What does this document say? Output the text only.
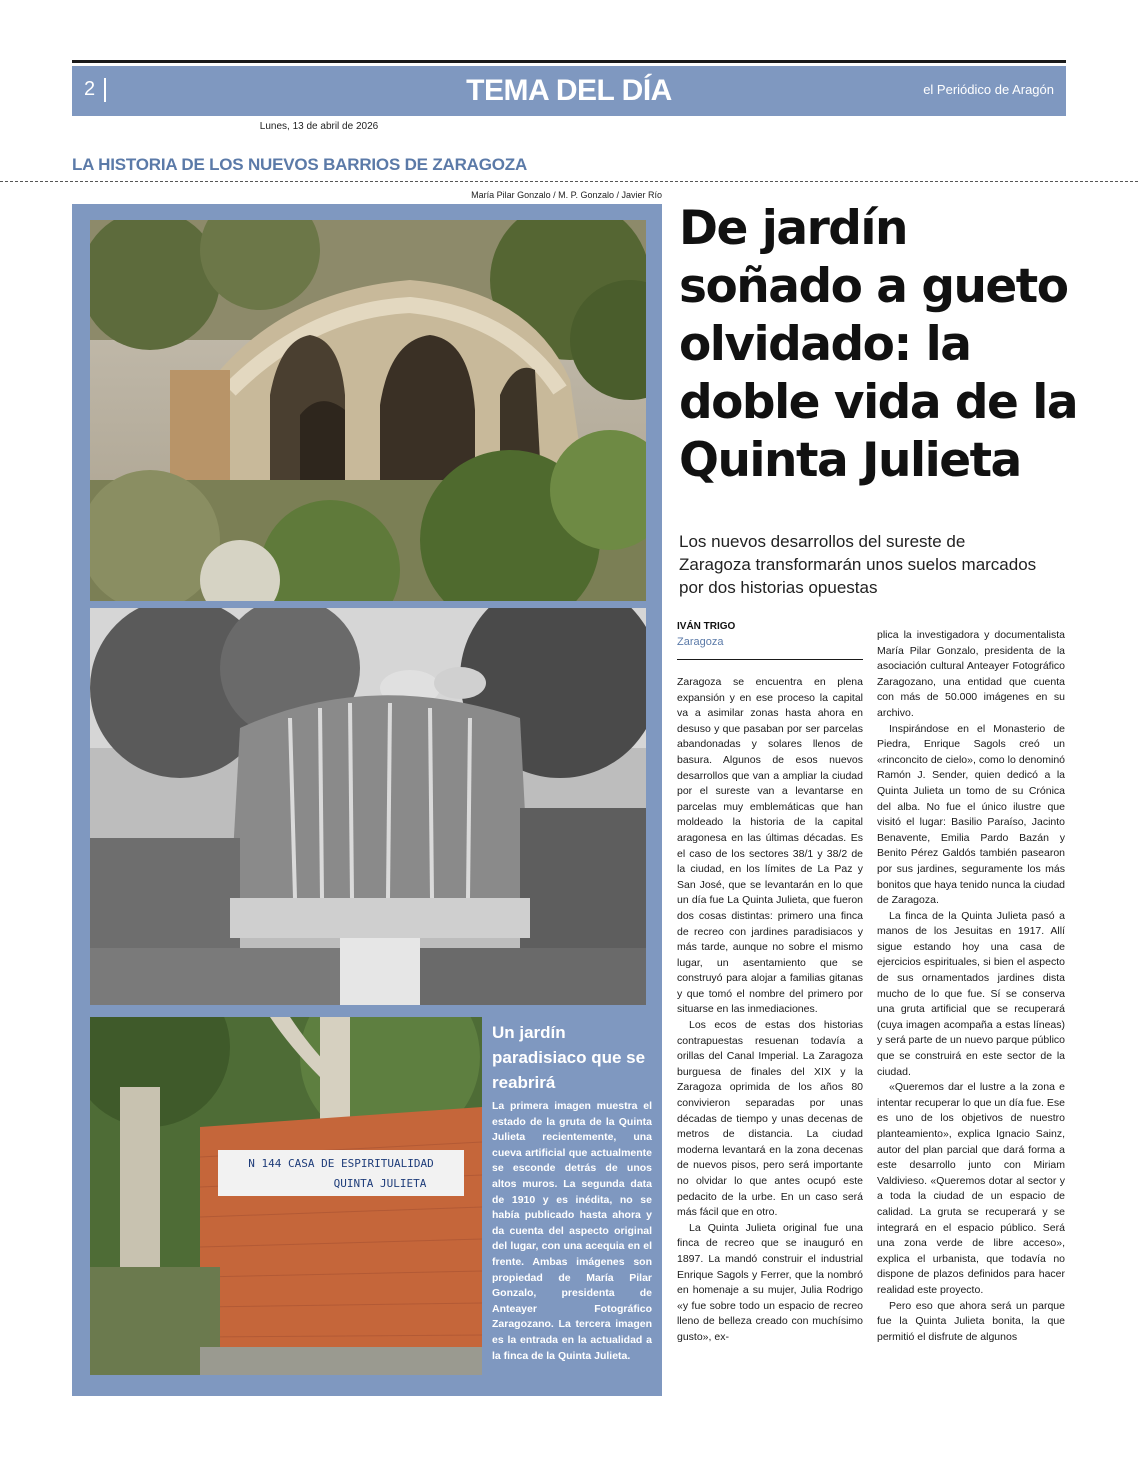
2	TEMA DEL DÍA	el Periódico de Aragón
Lunes, 13 de abril de 2026
LA HISTORIA DE LOS NUEVOS BARRIOS DE ZARAGOZA
María Pilar Gonzalo / M. P. Gonzalo / Javier Río
N 144 CASA DE ESPIRITUALIDAD
QUINTA JULIETA
Un jardín paradisiaco que se reabrirá
La primera imagen muestra el estado de la gruta de la Quinta Julieta recientemente, una cueva artificial que actualmente se esconde detrás de unos altos muros. La segunda data de 1910 y es inédita, no se había publicado hasta ahora y da cuenta del aspecto original del lugar, con una acequia en el frente. Ambas imágenes son propiedad de María Pilar Gonzalo, presidenta de Anteayer Fotográfico Zaragozano. La tercera imagen es la entrada en la actualidad a la finca de la Quinta Julieta.
De jardín soñado a gueto olvidado: la doble vida de la Quinta Julieta

Los nuevos desarrollos del sureste de Zaragoza transformarán unos suelos marcados por dos historias opuestas

IVÁN TRIGO
Zaragoza

Zaragoza se encuentra en plena expansión y en ese proceso la capital va a asimilar zonas hasta ahora en desuso y que pasaban por ser parcelas abandonadas y solares llenos de basura. Algunos de esos nuevos desarrollos que van a ampliar la ciudad por el sureste van a levantarse en parcelas muy emblemáticas que han moldeado la historia de la capital aragonesa en las últimas décadas. Es el caso de los sectores 38/1 y 38/2 de la ciudad, en los límites de La Paz y San José, que se levantarán en lo que un día fue La Quinta Julieta, que fueron dos cosas distintas: primero una finca de recreo con jardines paradisiacos y más tarde, aunque no sobre el mismo lugar, un asentamiento que se construyó para alojar a familias gitanas y que tomó el nombre del primero por situarse en las inmediaciones.

Los ecos de estas dos historias contrapuestas resuenan todavía a orillas del Canal Imperial. La Zaragoza burguesa de finales del XIX y la Zaragoza oprimida de los años 80 convivieron separadas por unas décadas de tiempo y unas decenas de metros de distancia. La ciudad moderna levantará en la zona decenas de nuevos pisos, pero será importante no olvidar lo que antes ocupó este pedacito de la urbe. En un caso será más fácil que en otro.

La Quinta Julieta original fue una finca de recreo que se inauguró en 1897. La mandó construir el industrial Enrique Sagols y Ferrer, que la nombró en homenaje a su mujer, Julia Rodrigo «y fue sobre todo un espacio de recreo lleno de belleza creado con muchísimo gusto», ex-

plica la investigadora y documentalista María Pilar Gonzalo, presidenta de la asociación cultural Anteayer Fotográfico Zaragozano, una entidad que cuenta con más de 50.000 imágenes en su archivo.

Inspirándose en el Monasterio de Piedra, Enrique Sagols creó un «rinconcito de cielo», como lo denominó Ramón J. Sender, quien dedicó a la Quinta Julieta un tomo de su Crónica del alba. No fue el único ilustre que visitó el lugar: Basilio Paraíso, Jacinto Benavente, Emilia Pardo Bazán y Benito Pérez Galdós también pasearon por sus jardines, seguramente los más bonitos que haya tenido nunca la ciudad de Zaragoza.

La finca de la Quinta Julieta pasó a manos de los Jesuitas en 1917. Allí sigue estando hoy una casa de ejercicios espirituales, si bien el aspecto de sus ornamentados jardines dista mucho de lo que fue. Sí se conserva una gruta artificial que se recuperará (cuya imagen acompaña a estas líneas) y será parte de un nuevo parque público que se construirá en este sector de la ciudad.

«Queremos dar el lustre a la zona e intentar recuperar lo que un día fue. Ese es uno de los objetivos de nuestro planteamiento», explica Ignacio Sainz, autor del plan parcial que dará forma a este desarrollo junto con Miriam Valdivieso. «Queremos dotar al sector y a toda la ciudad de un espacio de calidad. La gruta se recuperará y se integrará en el espacio público. Será una zona verde de libre acceso», explica el urbanista, que todavía no dispone de plazos definidos para hacer realidad este proyecto.

Pero eso que ahora será un parque fue la Quinta Julieta bonita, la que permitió el disfrute de algunos
